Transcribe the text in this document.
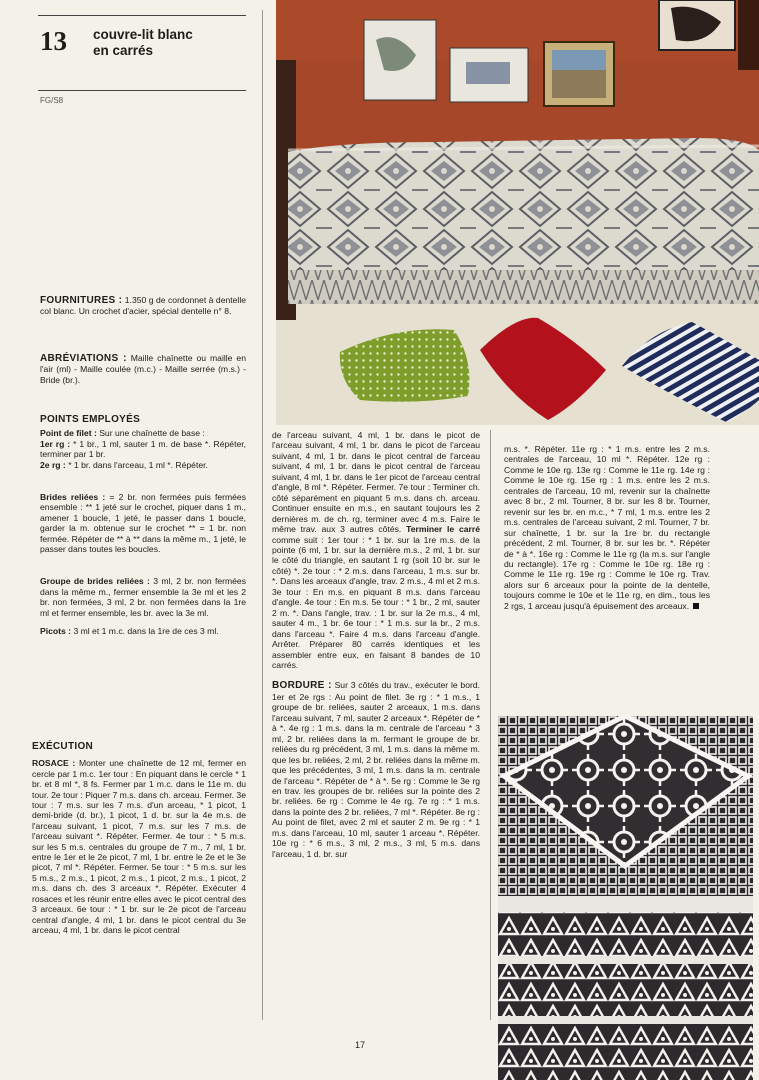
13 couvre-lit blanc
en carrés
FG/S8
FOURNITURES : 1.350 g de cordonnet à dentelle col blanc. Un crochet d'acier, spécial dentelle n° 8.
ABRÉVIATIONS : Maille chaînette ou maille en l'air (ml) - Maille coulée (m.c.) - Maille serrée (m.s.) - Bride (br.).
POINTS EMPLOYÉS
Point de filet : Sur une chaînette de base :
1er rg : * 1 br., 1 ml, sauter 1 m. de base *. Répéter, terminer par 1 br.
2e rg : * 1 br. dans l'arceau, 1 ml *. Répéter.
Brides reliées : = 2 br. non fermées puis fermées ensemble : ** 1 jeté sur le crochet, piquer dans 1 m., amener 1 boucle, 1 jeté, le passer dans 1 boucle, garder la m. obtenue sur le crochet ** = 1 br. non fermée. Répéter de ** à ** dans la même m., 1 jeté, le passer dans toutes les boucles.
Groupe de brides reliées : 3 ml, 2 br. non fermées dans la même m., fermer ensemble la 3e ml et les 2 br. non fermées, 3 ml, 2 br. non fermées dans la 1re ml et fermer ensemble, les br. avec la 3e ml.
Picots : 3 ml et 1 m.c. dans la 1re de ces 3 ml.
EXÉCUTION
ROSACE : Monter une chaînette de 12 ml, fermer en cercle par 1 m.c. 1er tour : En piquant dans le cercle * 1 br. et 8 ml *, 8 fs. Fermer par 1 m.c. dans le 11e m. du tour. 2e tour : Piquer 7 m.s. dans ch. arceau. Fermer. 3e tour : 7 m.s. sur les 7 m.s. d'un arceau, * 1 picot, 1 demi-bride (d. br.), 1 picot, 1 d. br. sur la 4e m.s. de l'arceau suivant, 1 picot, 7 m.s. sur les 7 m.s. de l'arceau suivant *. Répéter. Fermer. 4e tour : * 5 m.s. sur les 5 m.s. centrales du groupe de 7 m., 7 ml, 1 br. entre le 1er et le 2e picot, 7 ml, 1 br. entre le 2e et le 3e picot, 7 ml *. Répéter. Fermer. 5e tour : * 5 m.s. sur les 5 m.s., 2 m.s., 1 picot, 2 m.s., 1 picot, 2 m.s., 1 picot, 2 m.s. dans ch. des 3 arceaux *. Répéter. Exécuter 4 rosaces et les réunir entre elles avec le picot central des 3 arceaux. 6e tour : * 1 br. sur le 2e picot de l'arceau central d'angle, 4 ml, 1 br. dans le picot central du 3e arceau, 4 ml, 1 br. dans le picot central
de l'arceau suivant, 4 ml, 1 br. dans le picot de l'arceau suivant, 4 ml, 1 br. dans le picot de l'arceau suivant, 4 ml, 1 br. dans le picot central de l'arceau suivant, 4 ml, 1 br. dans le picot central de l'arceau suivant, 4 ml, 1 br. dans le 1er picot de l'arceau central d'angle, 8 ml *. Répéter. Fermer. 7e tour : Terminer ch. côté séparément en piquant 5 m.s. dans ch. arceau. Continuer ensuite en m.s., en sautant toujours les 2 dernières m. de ch. rg, terminer avec 4 m.s. Faire le même trav. aux 3 autres côtés. Terminer le carré comme suit : 1er tour : * 1 br. sur la 1re m.s. de la pointe (6 ml, 1 br. sur la dernière m.s., 2 ml, 1 br. sur le côté du triangle, en sautant 1 rg (soit 10 br. sur le côté) *. 2e tour : * 2 m.s. dans l'arceau, 1 m.s. sur br. *. Dans les arceaux d'angle, trav. 2 m.s., 4 ml et 2 m.s. 3e tour : En m.s. en piquant 8 m.s. dans l'arceau d'angle. 4e tour : En m.s. 5e tour : * 1 br., 2 ml, sauter 2 m. *. Dans l'angle, trav. : 1 br. sur la 2e m.s., 4 ml, sauter 4 m., 1 br. 6e tour : * 1 m.s. sur la br., 2 m.s. dans l'arceau *. Faire 4 m.s. dans l'arceau d'angle. Arrêter. Préparer 80 carrés identiques et les assembler entre eux, en faisant 8 bandes de 10 carrés.
BORDURE : Sur 3 côtés du trav., exécuter le bord. 1er et 2e rgs : Au point de filet. 3e rg : * 1 m.s., 1 groupe de br. reliées, sauter 2 arceaux, 1 m.s. dans l'arceau suivant, 7 ml, sauter 2 arceaux *. Répéter de * à *. 4e rg : 1 m.s. dans la m. centrale de l'arceau * 3 ml, 2 br. reliées dans la m. fermant le groupe de br. reliées du rg précédent, 3 ml, 1 m.s. dans la même m. que les br. reliées, 2 ml, 2 br. reliées dans la même m. que les précédentes, 3 ml, 1 m.s. dans la m. centrale de l'arceau *. Répéter de * à *. 5e rg : Comme le 3e rg en trav. les groupes de br. reliées sur la pointe des 2 br. reliées. 6e rg : Comme le 4e rg. 7e rg : * 1 m.s. dans la pointe des 2 br. reliées, 7 ml *. Répéter. 8e rg : Au point de filet, avec 2 ml et sauter 2 m. 9e rg : * 1 m.s. dans l'arceau, 10 ml, sauter 1 arceau *. Répéter. 10e rg : * 6 m.s., 3 ml, 2 m.s., 3 ml, 5 m.s. dans l'arceau, 1 d. br. sur
m.s. *. Répéter. 11e rg : * 1 m.s. entre les 2 m.s. centrales de l'arceau, 10 ml *. Répéter. 12e rg : Comme le 10e rg. 13e rg : Comme le 11e rg. 14e rg : Comme le 10e rg. 15e rg : 1 m.s. entre les 2 m.s. centrales de l'arceau, 10 ml, revenir sur la chaînette avec 8 br., 2 ml. Tourner, 8 br. sur les 8 br. Tourner, revenir sur les br. en m.c., * 7 ml, 1 m.s. entre les 2 m.s. centrales de l'arceau suivant, 2 ml. Tourner, 7 br. sur chaînette, 1 br. sur la 1re br. du rectangle précédent, 2 ml. Tourner, 8 br. sur les br. *. Répéter de * à *. 16e rg : Comme le 11e rg (la m.s. sur l'angle du rectangle). 17e rg : Comme le 10e rg. 18e rg : Comme le 11e rg. 19e rg : Comme le 10e rg. Trav. alors sur 6 arceaux pour la pointe de la dentelle, toujours comme le 10e et le 11e rg, en dim., tous les 2 rgs, 1 arceau jusqu'à épuisement des arceaux.
17
